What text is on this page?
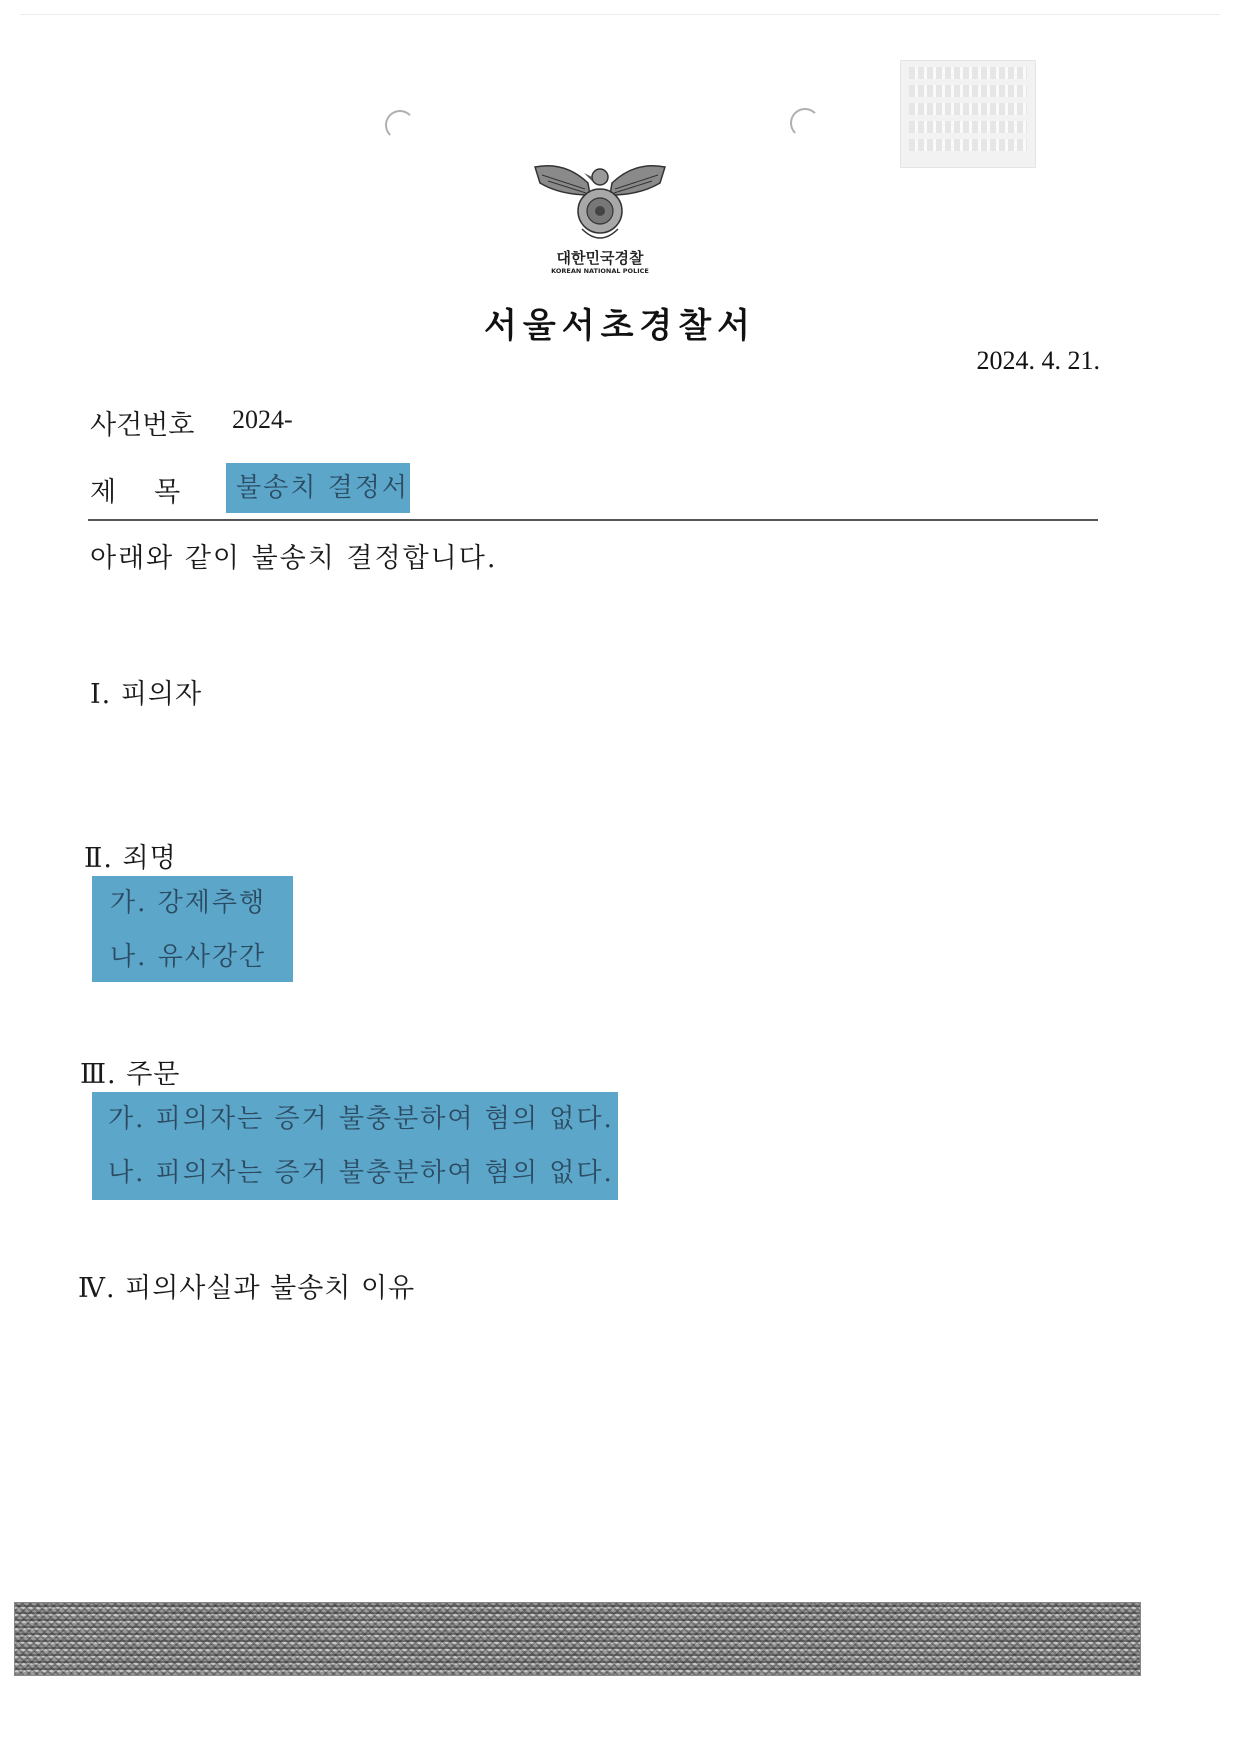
대한민국경찰
KOREAN NATIONAL POLICE
서울서초경찰서
2024. 4. 21.
사건번호 2024-
제목 불송치 결정서
아래와 같이 불송치 결정합니다.
Ⅰ. 피의자
Ⅱ. 죄명
가. 강제추행
나. 유사강간
Ⅲ. 주문
가. 피의자는 증거 불충분하여 혐의 없다.
나. 피의자는 증거 불충분하여 혐의 없다.
Ⅳ. 피의사실과 불송치 이유
